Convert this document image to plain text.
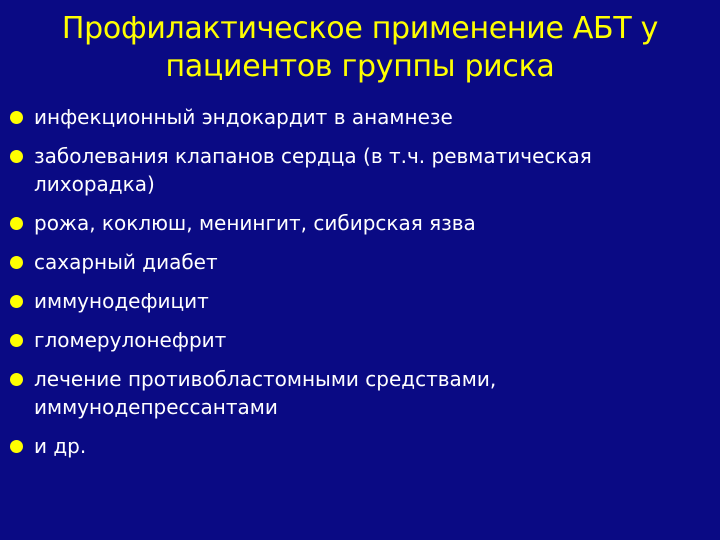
Профилактическое применение АБТ у пациентов группы риска
инфекционный эндокардит в анамнезе
заболевания клапанов сердца (в т.ч. ревматическая лихорадка)
рожа, коклюш, менингит, сибирская язва
сахарный диабет
иммунодефицит
гломерулонефрит
лечение противобластомными средствами, иммунодепрессантами
и др.
